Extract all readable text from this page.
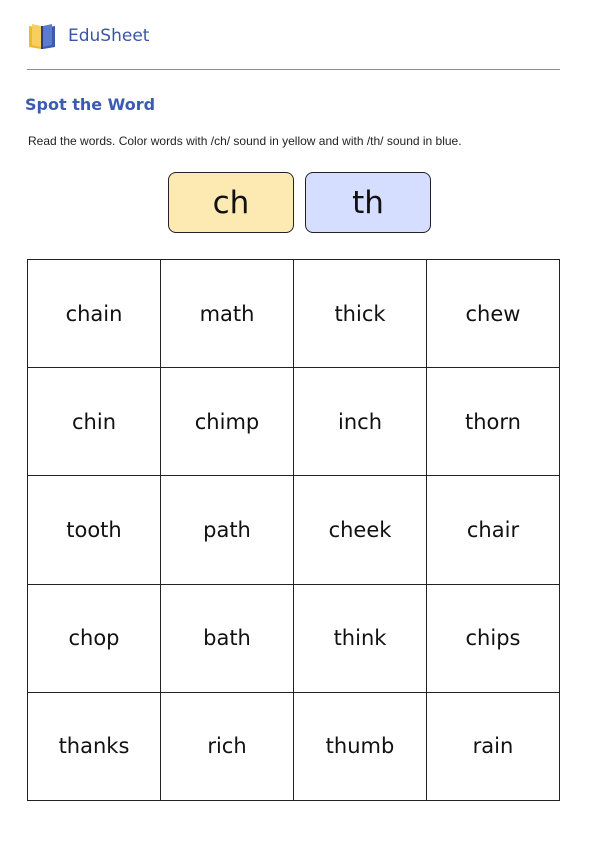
EduSheet
Spot the Word
Read the words. Color words with /ch/ sound in yellow and with /th/ sound in blue.
ch	th
chain	math	thick	chew
chin	chimp	inch	thorn
tooth	path	cheek	chair
chop	bath	think	chips
thanks	rich	thumb	rain
